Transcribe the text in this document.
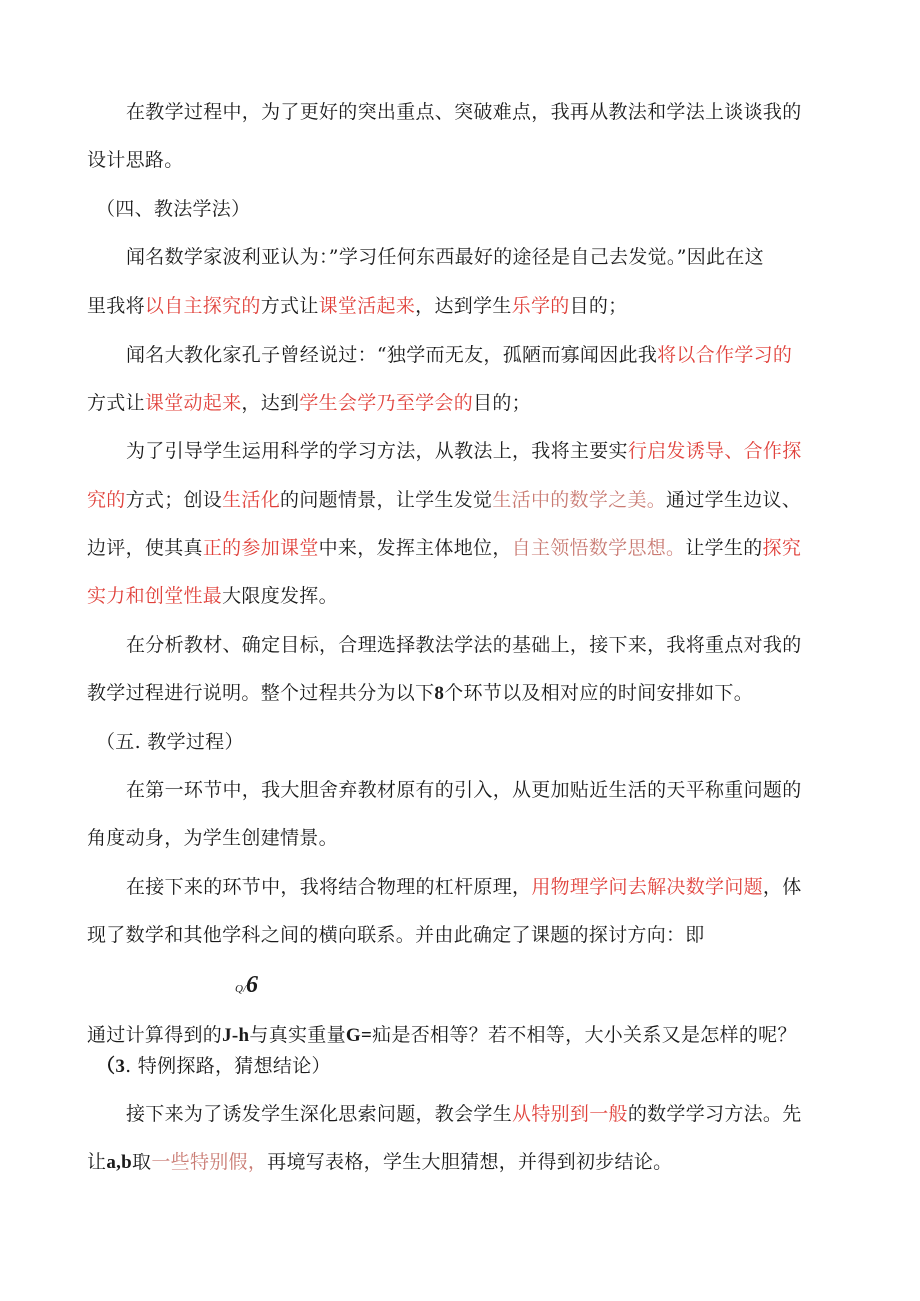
在教学过程中，为了更好的突出重点、突破难点，我再从教法和学法上谈谈我的
设计思路。
（四、教法学法）
闻名数学家波利亚认为：”学习任何东西最好的途径是自己去发觉。”因此在这
里我将以自主探究的方式让课堂活起来，达到学生乐学的目的；
闻名大教化家孔子曾经说过：“独学而无友，孤陋而寡闻因此我将以合作学习的
方式让课堂动起来，达到学生会学乃至学会的目的；
为了引导学生运用科学的学习方法，从教法上，我将主要实行启发诱导、合作探
究的方式；创设生活化的问题情景，让学生发觉生活中的数学之美。通过学生边议、
边评，使其真正的参加课堂中来，发挥主体地位，自主领悟数学思想。让学生的探究
实力和创堂性最大限度发挥。
在分析教材、确定目标，合理选择教法学法的基础上，接下来，我将重点对我的
教学过程进行说明。整个过程共分为以下8个环节以及相对应的时间安排如下。
（五. 教学过程）
在第一环节中，我大胆舍弃教材原有的引入，从更加贴近生活的天平称重问题的
角度动身，为学生创建情景。
在接下来的环节中，我将结合物理的杠杆原理，用物理学问去解决数学问题，体
现了数学和其他学科之间的横向联系。并由此确定了课题的探讨方向：即
Q/6
通过计算得到的J-h与真实重量G=疝是否相等？若不相等，大小关系又是怎样的呢？
（3. 特例探路，猜想结论）
接下来为了诱发学生深化思索问题，教会学生从特别到一般的数学学习方法。先
让a,b取一些特别假，再境写表格，学生大胆猜想，并得到初步结论。
